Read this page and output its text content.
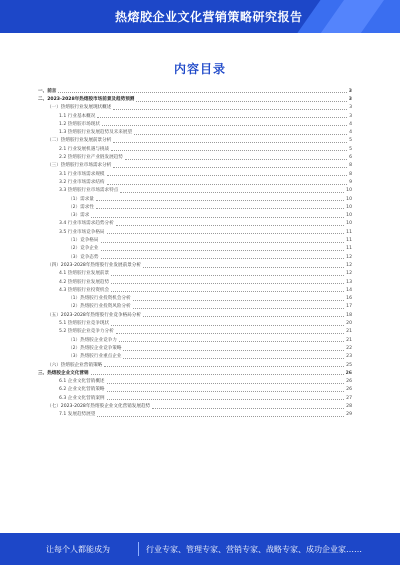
热熔胶企业文化营销策略研究报告
内容目录
一、前言	3
二、2023-2028年热熔胶市场前景及趋势预测	3
（一）热熔胶行业发展现状概述	3
1.1 行业基本概况	3
1.2 热熔胶市场现状	4
1.3 热熔胶行业发展趋势及未来展望	4
（二）热熔胶行业发展前景分析	5
2.1 行业发展机遇与挑战	5
2.2 热熔胶行业产业链发展趋势	6
（三）热熔胶行业市场需求分析	8
3.1 行业市场需求规模	8
3.2 行业市场需求结构	9
3.3 热熔胶行业市场需求特点	10
（1）需求量	10
（2）需求性	10
（3）需求	10
3.4 行业市场需求趋势分析	10
3.5 行业市场竞争格局	11
（1）竞争格局	11
（2）竞争企业	11
（3）竞争态势	12
（四）2023-2028年热熔胶行业发展前景分析	12
4.1 热熔胶行业发展前景	12
4.2 热熔胶行业发展趋势	13
4.3 热熔胶行业投资机会	14
（1）热熔胶行业投资机会分析	16
（2）热熔胶行业投资风险分析	17
（五）2023-2028年热熔胶行业竞争格局分析	18
5.1 热熔胶行业竞争现状	20
5.2 热熔胶企业竞争力分析	21
（1）热熔胶企业竞争力	21
（2）热熔胶企业竞争策略	22
（3）热熔胶行业重点企业	23
（六）热熔胶企业营销策略	25
三、热熔胶企业文化营销	26
6.1 企业文化营销概述	26
6.2 企业文化营销策略	26
6.3 企业文化营销案例	27
（七）2023-2028年热熔胶企业文化营销发展趋势	28
7.1 发展趋势展望	29
让每个人都能成为	行业专家、管理专家、营销专家、战略专家、成功企业家……
